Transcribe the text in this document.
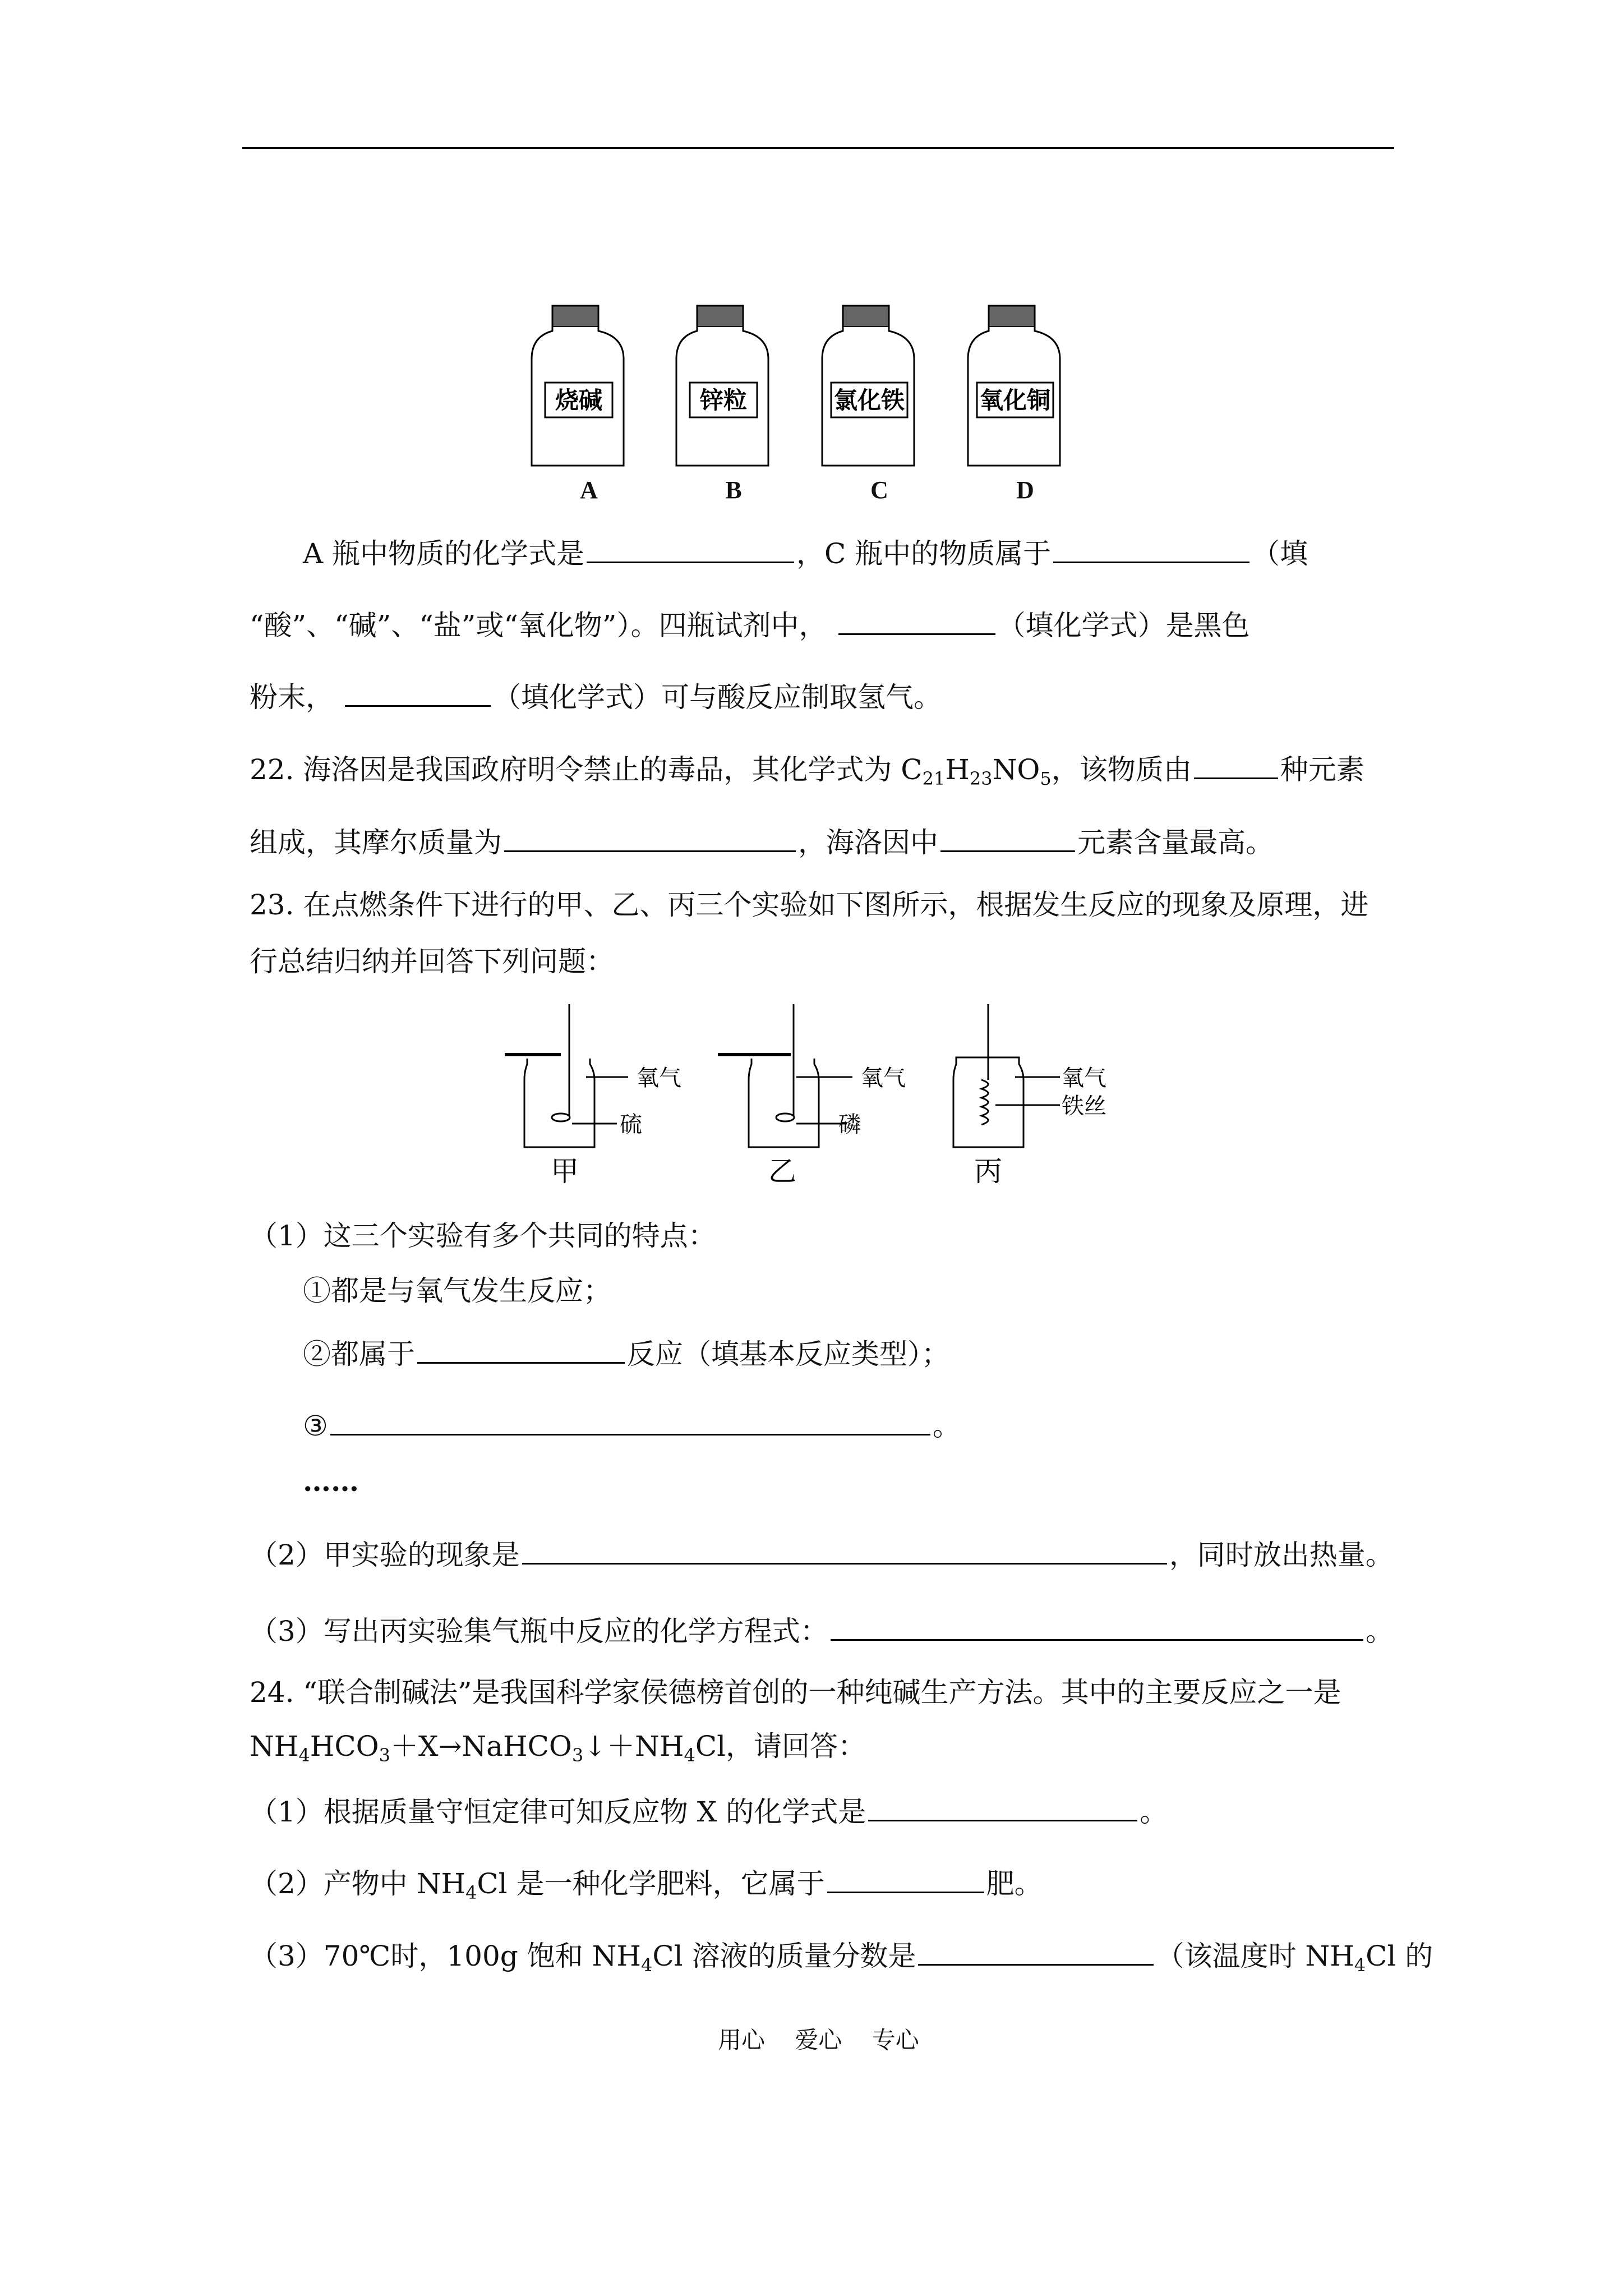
烧碱	锌粒	氯化铁	氧化铜
A	B	C	D
A 瓶中物质的化学式是	，C 瓶中的物质属于	（填
“酸”、“碱”、“盐”或“氧化物”）。四瓶试剂中，	（填化学式）是黑色
粉末，	（填化学式）可与酸反应制取氢气。
22. 海洛因是我国政府明令禁止的毒品，其化学式为 $C_{21}H_{23}NO_5$，该物质由	种元素
组成，其摩尔质量为	，海洛因中	元素含量最高。
23. 在点燃条件下进行的甲、乙、丙三个实验如下图所示，根据发生反应的现象及原理，进
行总结归纳并回答下列问题：
氧气
硫
氧气
磷
氧气
铁丝
甲	乙	丙
（1）这三个实验有多个共同的特点：
①都是与氧气发生反应；
②都属于	反应（填基本反应类型）；
③	。
……
（2）甲实验的现象是	，同时放出热量。
（3）写出丙实验集气瓶中反应的化学方程式：	。
24. “联合制碱法”是我国科学家侯德榜首创的一种纯碱生产方法。其中的主要反应之一是
$NH_4HCO_3+X\to NaHCO_3↓+NH_4Cl$，请回答：
（1）根据质量守恒定律可知反应物 X 的化学式是	。
（2）产物中 $NH_4Cl$ 是一种化学肥料，它属于	肥。
（3）70℃时，100g 饱和 $NH_4Cl$ 溶液的质量分数是	（该温度时 $NH_4Cl$ 的
用心    爱心    专心
